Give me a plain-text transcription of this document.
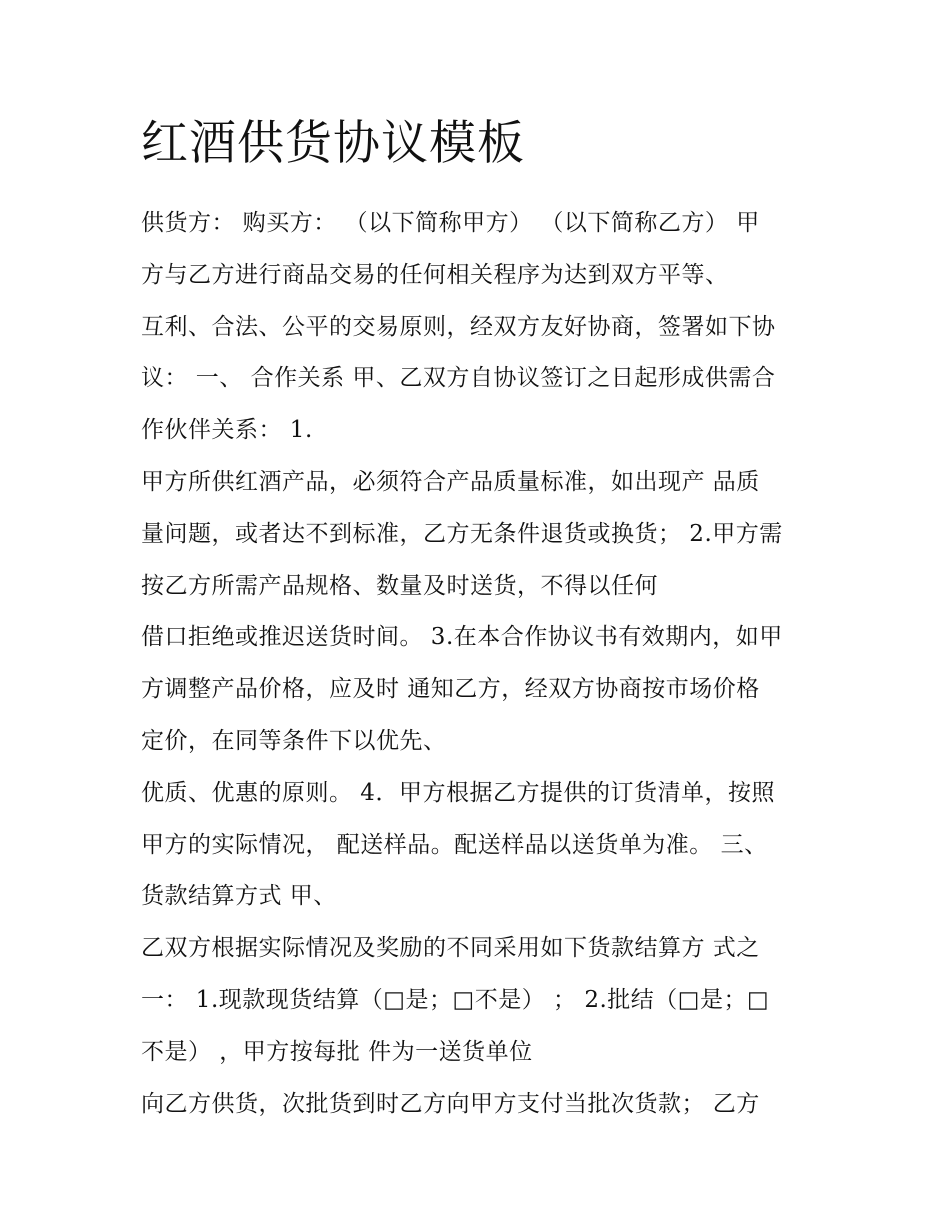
红酒供货协议模板
供货方： 购买方： （以下简称甲方） （以下简称乙方） 甲
方与乙方进行商品交易的任何相关程序为达到双方平等、
互利、合法、公平的交易原则，经双方友好协商，签署如下协
议： 一、 合作关系 甲、乙双方自协议签订之日起形成供需合
作伙伴关系： 1.
甲方所供红酒产品，必须符合产品质量标准，如出现产 品质
量问题，或者达不到标准，乙方无条件退货或换货； 2.甲方需
按乙方所需产品规格、数量及时送货，不得以任何
借口拒绝或推迟送货时间。 3.在本合作协议书有效期内，如甲
方调整产品价格，应及时 通知乙方，经双方协商按市场价格
定价，在同等条件下以优先、
优质、优惠的原则。 4．甲方根据乙方提供的订货清单，按照
甲方的实际情况， 配送样品。配送样品以送货单为准。 三、
货款结算方式 甲、
乙双方根据实际情况及奖励的不同采用如下货款结算方 式之
一： 1.现款现货结算（□是；□不是） ； 2.批结（□是；□
不是） ，甲方按每批 件为一送货单位
向乙方供货，次批货到时乙方向甲方支付当批次货款； 乙方
